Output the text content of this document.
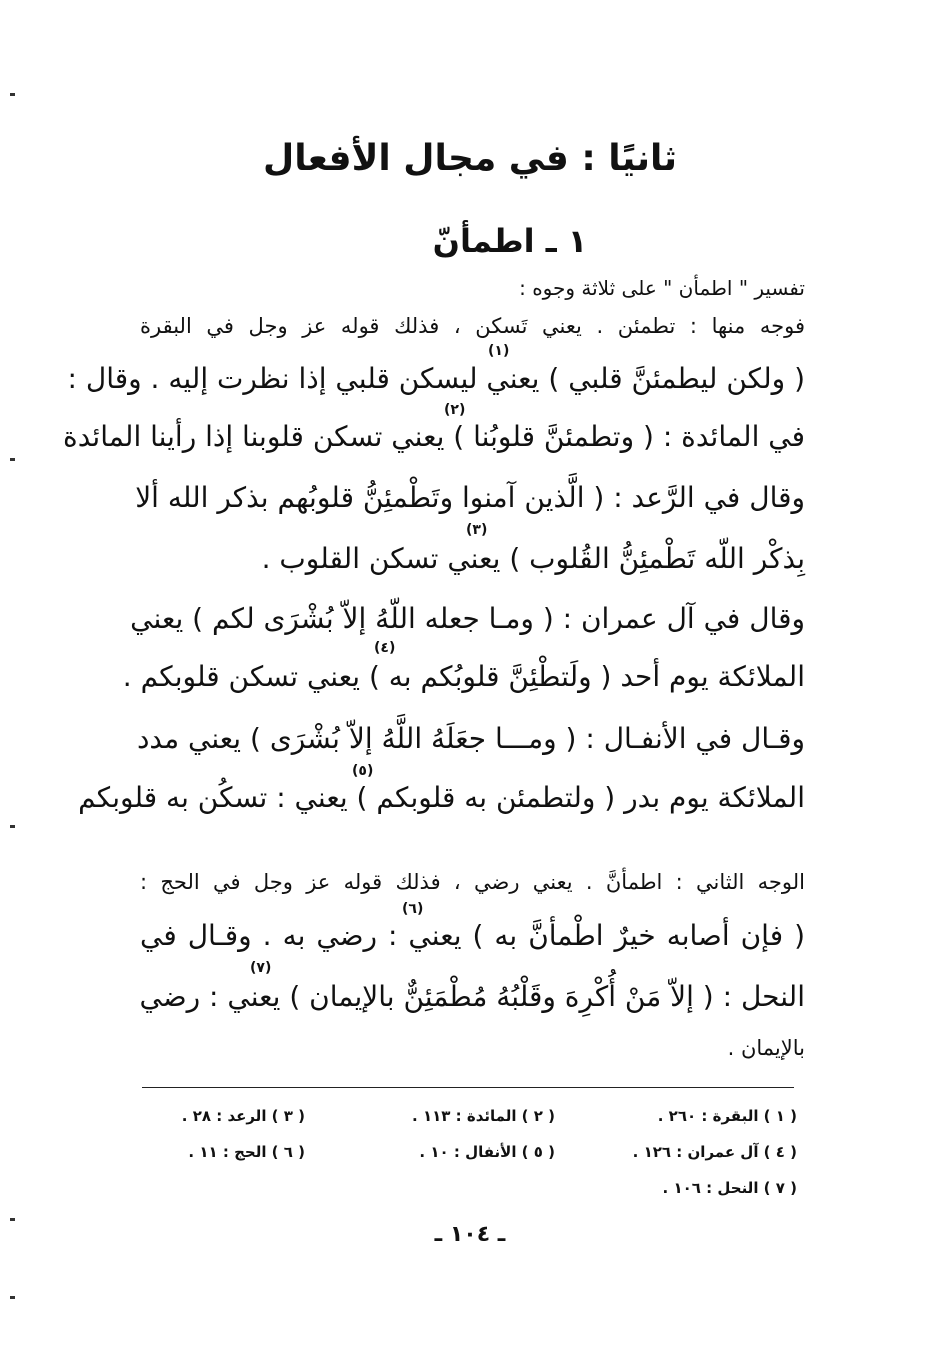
ثانيًا : في مجال الأفعال
١ ـ اطمأنّ
تفسير " اطمأن " على ثلاثة وجوه :
فوجه منها : تطمئن . يعني تَسكن ، فذلك قوله عز وجل في البقرة
( ولكن ليطمئنَّ قلبي ) يعني ليسكن قلبي إذا نظرت إليه . وقال :
في المائدة : ( وتطمئنَّ قلوبُنا ) يعني تسكن قلوبنا إذا رأينا المائدة
وقال في الرَّعد : ( الَّذين آمنوا وتَطْمئِنُّ قلوبُهم بذكر الله ألا
بِذكْر اللّه تَطْمئِنُّ القُلوب ) يعني تسكن القلوب .
وقال في آل عمران : ( ومـا جعله اللّهُ إلاّ بُشْرَى لكم ) يعني
الملائكة يوم أحد ( ولَتطْئِنَّ قلوبُكم به ) يعني تسكن قلوبكم .
وقـال في الأنفـال : ( ومـــا جعَلَهُ اللَّهُ إلاّ بُشْرَى ) يعني مدد
الملائكة يوم بدر ( ولتطمئن به قلوبكم ) يعني : تسكُن به قلوبكم
الوجه الثاني : اطمأنَّ . يعني رضي ، فذلك قوله عز وجل في الحج :
( فإن أصابه خيرٌ اطْمأنَّ به ) يعني : رضي به . وقـال في
النحل : ( إلاّ مَنْ أُكْرِهَ وقَلْبُهُ مُطْمَئِنٌّ بالإيمان ) يعني : رضي
بالإيمان .
(١)
(٢)
(٣)
(٤)
(٥)
(٦)
(٧)
( ١ ) البقرة : ٢٦٠ .
( ٢ ) المائدة : ١١٣ .
( ٣ ) الرعد : ٢٨ .
( ٤ ) آل عمران : ١٢٦ .
( ٥ ) الأنفال : ١٠ .
( ٦ ) الحج : ١١ .
( ٧ ) النحل : ١٠٦ .
ـ ١٠٤ ـ
